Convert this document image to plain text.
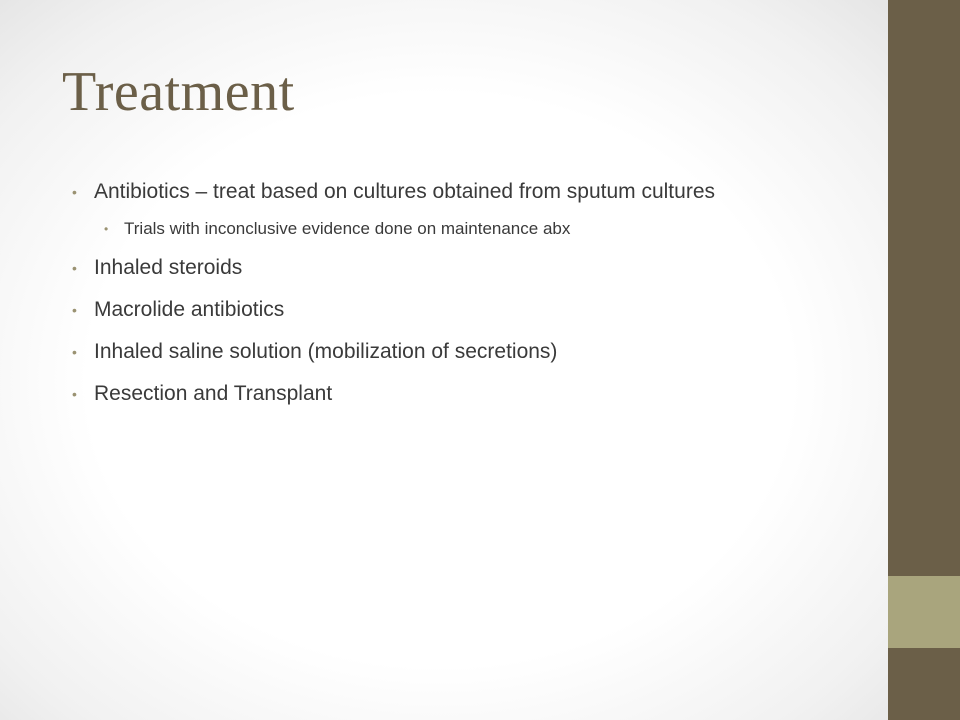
Treatment
• Antibiotics – treat based on cultures obtained from sputum cultures
• Trials with inconclusive evidence done on maintenance abx
• Inhaled steroids
• Macrolide antibiotics
• Inhaled saline solution (mobilization of secretions)
• Resection and Transplant
